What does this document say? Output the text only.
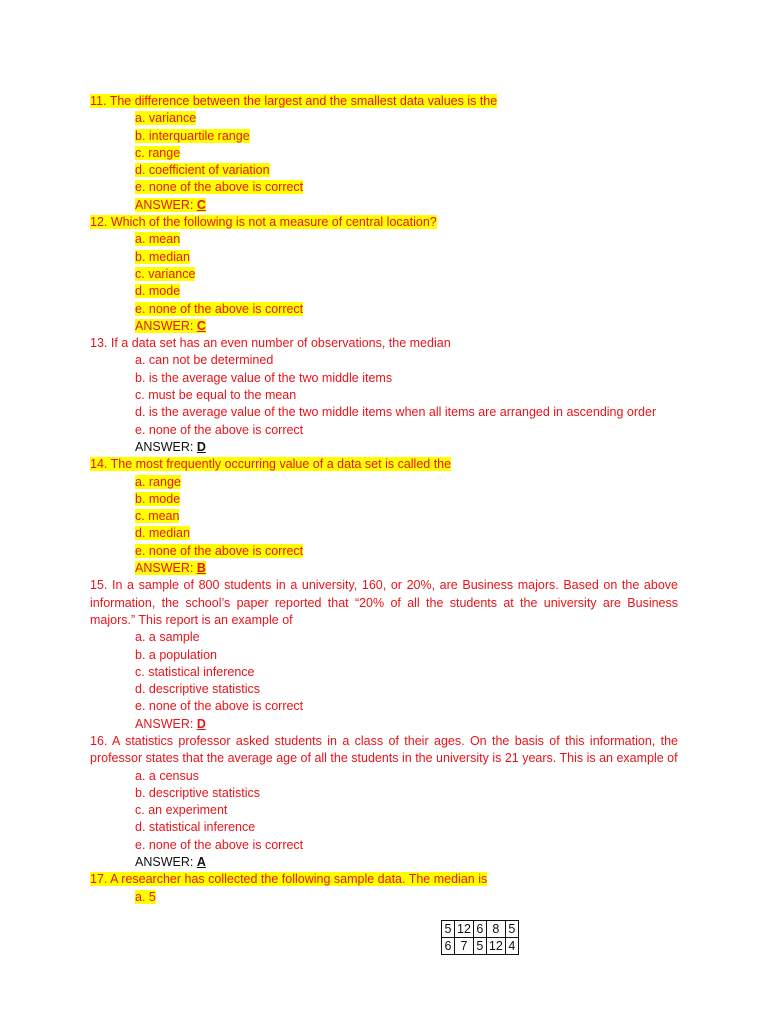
11. The difference between the largest and the smallest data values is the
a. variance
b. interquartile range
c. range
d. coefficient of variation
e. none of the above is correct
ANSWER: C
12. Which of the following is not a measure of central location?
a. mean
b. median
c. variance
d. mode
e. none of the above is correct
ANSWER: C
13. If a data set has an even number of observations, the median
a. can not be determined
b. is the average value of the two middle items
c. must be equal to the mean
d. is the average value of the two middle items when all items are arranged in ascending order
e. none of the above is correct
ANSWER: D
14. The most frequently occurring value of a data set is called the
a. range
b. mode
c. mean
d. median
e. none of the above is correct
ANSWER: B
15. In a sample of 800 students in a university, 160, or 20%, are Business majors. Based on the above information, the school’s paper reported that “20% of all the students at the university are Business majors.” This report is an example of
a. a sample
b. a population
c. statistical inference
d. descriptive statistics
e. none of the above is correct
ANSWER: D
16. A statistics professor asked students in a class of their ages. On the basis of this information, the professor states that the average age of all the students in the university is 21 years. This is an example of
a. a census
b. descriptive statistics
c. an experiment
d. statistical inference
e. none of the above is correct
ANSWER: A
17. A researcher has collected the following sample data. The median is
a. 5
5	12	6	8	5
6	7	5	12	4
